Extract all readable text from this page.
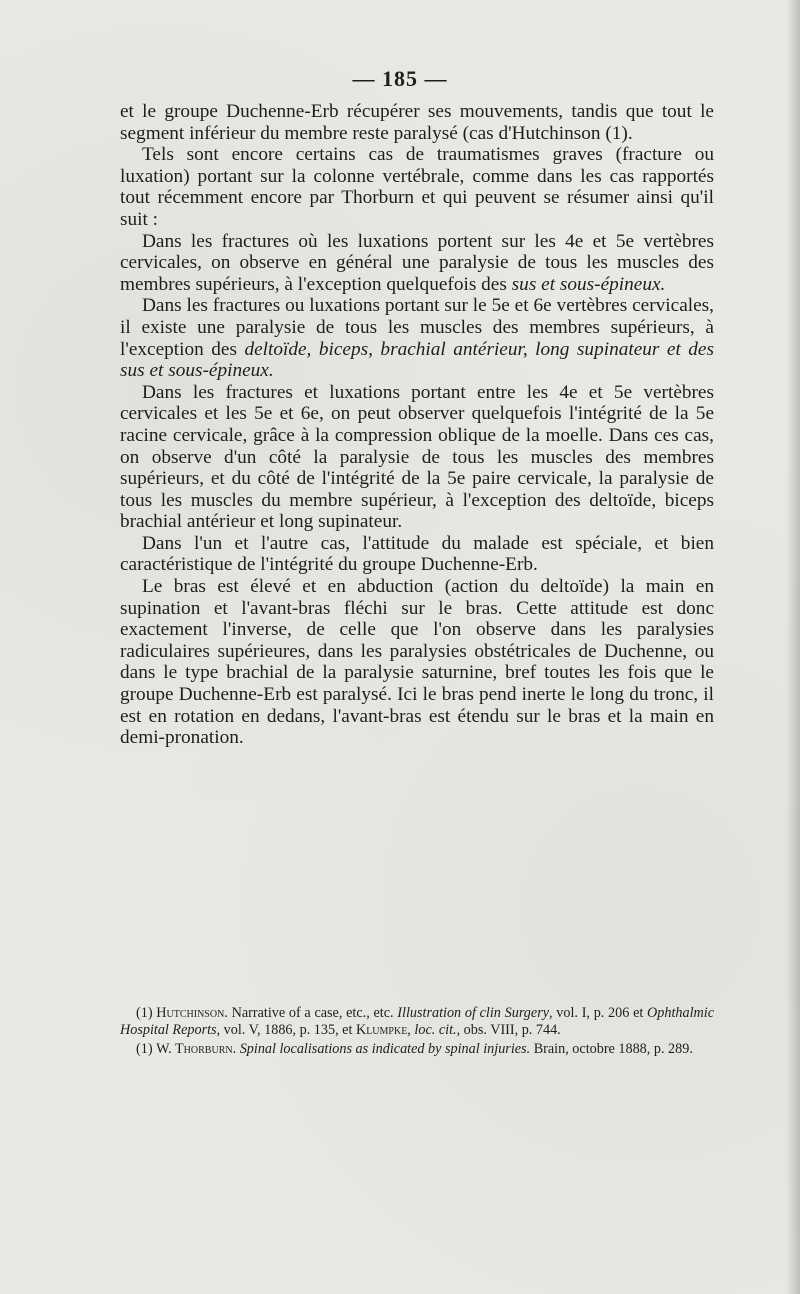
— 185 —

et le groupe Duchenne-Erb récupérer ses mouvements, tandis que tout le segment inférieur du membre reste paralysé (cas d'Hutchinson (1).

Tels sont encore certains cas de traumatismes graves (fracture ou luxation) portant sur la colonne vertébrale, comme dans les cas rapportés tout récemment encore par Thorburn et qui peuvent se résumer ainsi qu'il suit :

Dans les fractures où les luxations portent sur les 4e et 5e vertèbres cervicales, on observe en général une paralysie de tous les muscles des membres supérieurs, à l'exception quelquefois des sus et sous-épineux.

Dans les fractures ou luxations portant sur le 5e et 6e vertèbres cervicales, il existe une paralysie de tous les muscles des membres supérieurs, à l'exception des deltoïde, biceps, brachial antérieur, long supinateur et des sus et sous-épineux.

Dans les fractures et luxations portant entre les 4e et 5e vertèbres cervicales et les 5e et 6e, on peut observer quelquefois l'intégrité de la 5e racine cervicale, grâce à la compression oblique de la moelle. Dans ces cas, on observe d'un côté la paralysie de tous les muscles des membres supérieurs, et du côté de l'intégrité de la 5e paire cervicale, la paralysie de tous les muscles du membre supérieur, à l'exception des deltoïde, biceps brachial antérieur et long supinateur.

Dans l'un et l'autre cas, l'attitude du malade est spéciale, et bien caractéristique de l'intégrité du groupe Duchenne-Erb.

Le bras est élevé et en abduction (action du deltoïde) la main en supination et l'avant-bras fléchi sur le bras. Cette attitude est donc exactement l'inverse, de celle que l'on observe dans les paralysies radiculaires supérieures, dans les paralysies obstétricales de Duchenne, ou dans le type brachial de la paralysie saturnine, bref toutes les fois que le groupe Duchenne-Erb est paralysé. Ici le bras pend inerte le long du tronc, il est en rotation en dedans, l'avant-bras est étendu sur le bras et la main en demi-pronation.

(1) Hutchinson. Narrative of a case, etc., etc. Illustration of clin Surgery, vol. I, p. 206 et Ophthalmic Hospital Reports, vol. V, 1886, p. 135, et Klumpke, loc. cit., obs. VIII, p. 744.

(1) W. Thorburn. Spinal localisations as indicated by spinal injuries. Brain, octobre 1888, p. 289.
